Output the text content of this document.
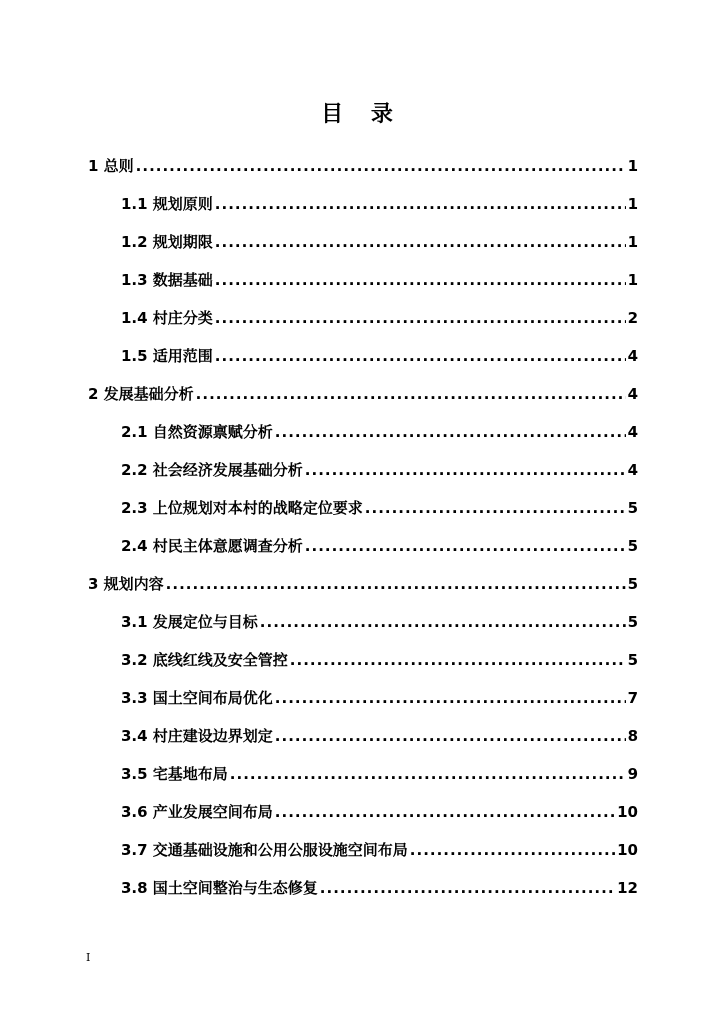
目 录
1 总则 .....	1
1.1 规划原则 .....	1
1.2 规划期限 .....	1
1.3 数据基础 .....	1
1.4 村庄分类 .....	2
1.5 适用范围 .....	4
2 发展基础分析 .....	4
2.1 自然资源禀赋分析 .....	4
2.2 社会经济发展基础分析 .....	4
2.3 上位规划对本村的战略定位要求 .....	5
2.4 村民主体意愿调查分析 .....	5
3 规划内容 .....	5
3.1 发展定位与目标 .....	5
3.2 底线红线及安全管控 .....	5
3.3 国土空间布局优化 .....	7
3.4 村庄建设边界划定 .....	8
3.5 宅基地布局 .....	9
3.6 产业发展空间布局 .....	10
3.7 交通基础设施和公用公服设施空间布局 .....	10
3.8 国土空间整治与生态修复 .....	12
I
